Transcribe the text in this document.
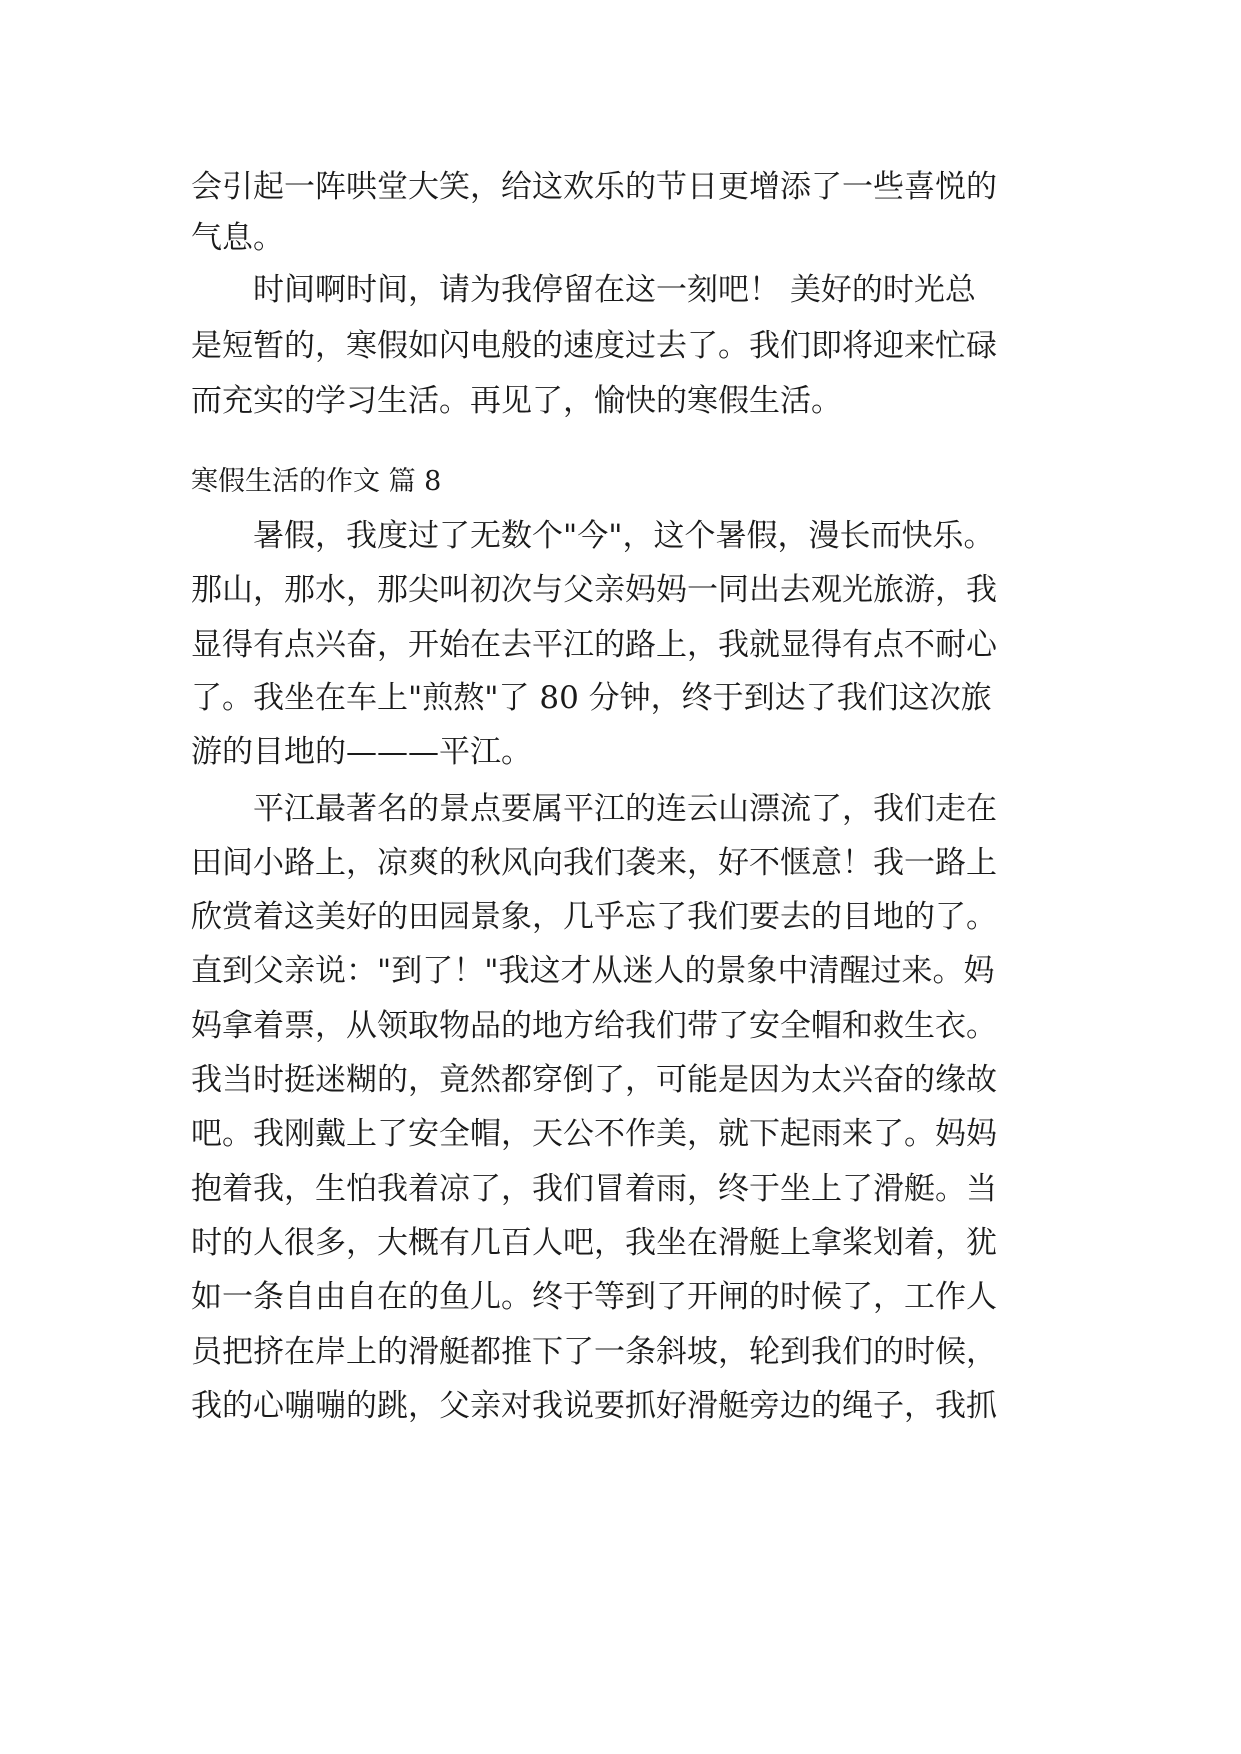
会引起一阵哄堂大笑，给这欢乐的节日更增添了一些喜悦的
气息。
　　时间啊时间，请为我停留在这一刻吧！ 美好的时光总
是短暂的，寒假如闪电般的速度过去了。我们即将迎来忙碌
而充实的学习生活。再见了，愉快的寒假生活。
寒假生活的作文 篇 8
　　暑假，我度过了无数个"今"，这个暑假，漫长而快乐。
那山，那水，那尖叫初次与父亲妈妈一同出去观光旅游，我
显得有点兴奋，开始在去平江的路上，我就显得有点不耐心
了。我坐在车上"煎熬"了 80 分钟，终于到达了我们这次旅
游的目地的———平江。
　　平江最著名的景点要属平江的连云山漂流了，我们走在
田间小路上，凉爽的秋风向我们袭来，好不惬意！我一路上
欣赏着这美好的田园景象，几乎忘了我们要去的目地的了。
直到父亲说："到了！"我这才从迷人的景象中清醒过来。妈
妈拿着票，从领取物品的地方给我们带了安全帽和救生衣。
我当时挺迷糊的，竟然都穿倒了，可能是因为太兴奋的缘故
吧。我刚戴上了安全帽，天公不作美，就下起雨来了。妈妈
抱着我，生怕我着凉了，我们冒着雨，终于坐上了滑艇。当
时的人很多，大概有几百人吧，我坐在滑艇上拿桨划着，犹
如一条自由自在的鱼儿。终于等到了开闸的时候了，工作人
员把挤在岸上的滑艇都推下了一条斜坡，轮到我们的时候，
我的心嘣嘣的跳，父亲对我说要抓好滑艇旁边的绳子，我抓
